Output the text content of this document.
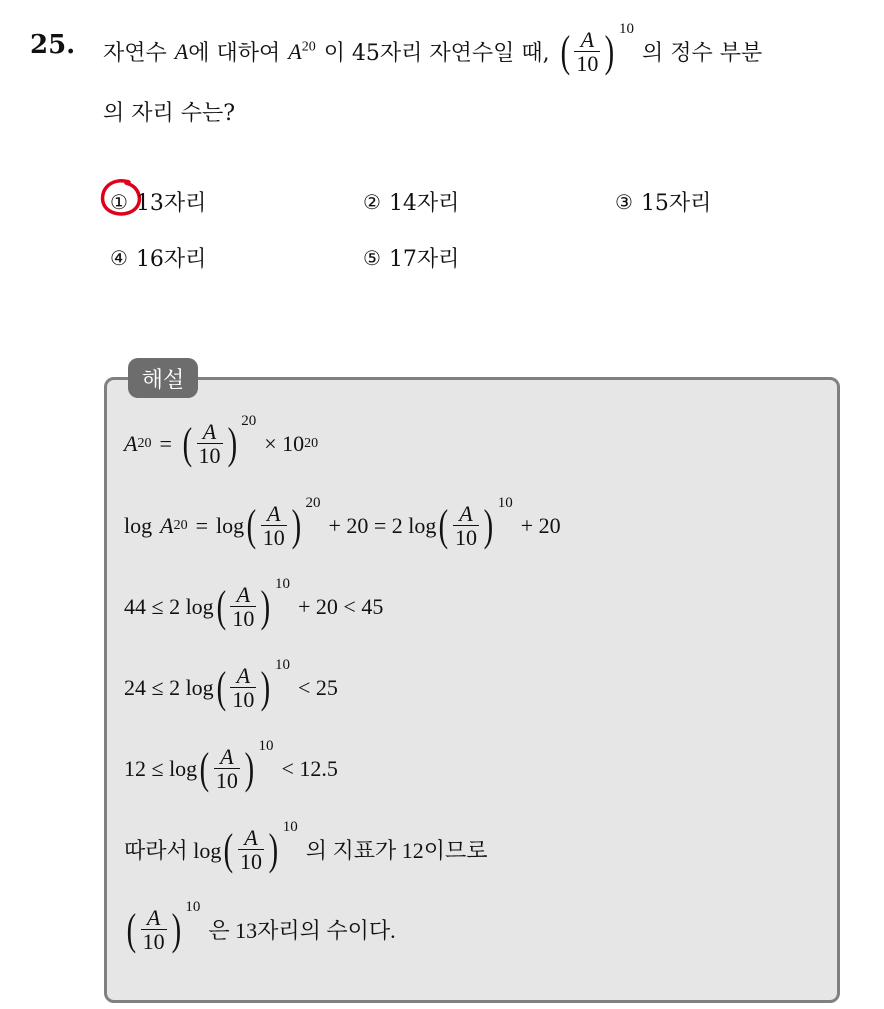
25. 자연수 A 에 대하여 $A^{20}$ 이 45자리 자연수일 때, ( $\frac{A}{10}$ ) 10
의 정수 부분
의 자리 수는?
① 13자리	② 14자리	③ 15자리
④ 16자리	⑤ 17자리
해설
A 20 = ( $\frac{A}{10}$ ) 20
× 10 20
log A 20 = log ( $\frac{A}{10}$ ) 20
+ 20 = 2 log ( $\frac{A}{10}$ ) 10
+ 20
44 ≤ 2 log ( $\frac{A}{10}$ ) 10
+ 20 < 45
24 ≤ 2 log ( $\frac{A}{10}$ ) 10
< 25
12 ≤ log ( $\frac{A}{10}$ ) 10
< 12.5
따라서 log ( $\frac{A}{10}$ ) 10
의 지표가 12이므로
( $\frac{A}{10}$ ) 10
은 13자리의 수이다.
